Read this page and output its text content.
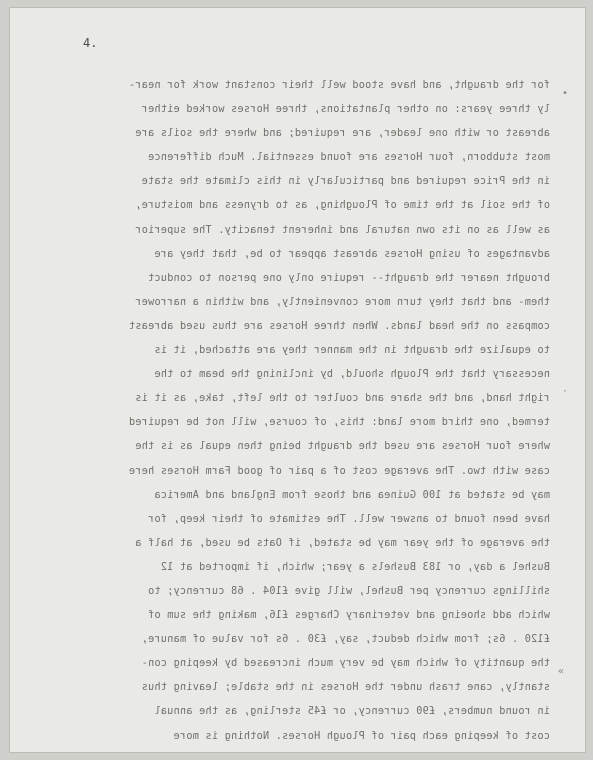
4.
•
·
«
for the draught, and have stood well their constant work for near-
ly three years: on other plantations, three Horses worked either
abreast or with one leader, are required; and where the soils are
most stubborn, four Horses are found essential. Much difference
in the Price required and particularly in this climate the state
of the soil at the time of Ploughing, as to dryness and moisture,
as well as on its own natural and inherent tenacity. The superior
advantages of using Horses abreast appear to be, that they are
brought nearer the draught-- require only one person to conduct
them- and that they turn more conveniently, and within a narrower
compass on the head lands. When three Horses are thus used abreast
to equalize the draught in the manner they are attached, it is
necessary that the Plough should, by inclining the beam to the
right hand, and the share and coulter to the left, take, as it is
termed, one third more land: this, of course, will not be required
where four Horses are used the draught being then equal as is the
case with two. The average cost of a pair of good Farm Horses here
may be stated at 100 Guinea and those from England and America
have been found to answer well. The estimate of their keep, for
the average of the year may be stated, if Oats be used, at half a
Bushel a day, or 183 Bushels a year; which, if imported at 12
shillings currency per Bushel, will give £104 . 68 currency; to
which add shoeing and veterinary Charges £16, making the sum of
£120 . 6s; from which deduct, say, £30 . 6s for value of manure,
the quantity of which may be very much increased by keeping con-
stantly, cane trash under the Horses in the stable; leaving thus
in round numbers, £90 currency, or £45 sterling, as the annual
cost of keeping each pair of Plough Horses. Nothing is more
